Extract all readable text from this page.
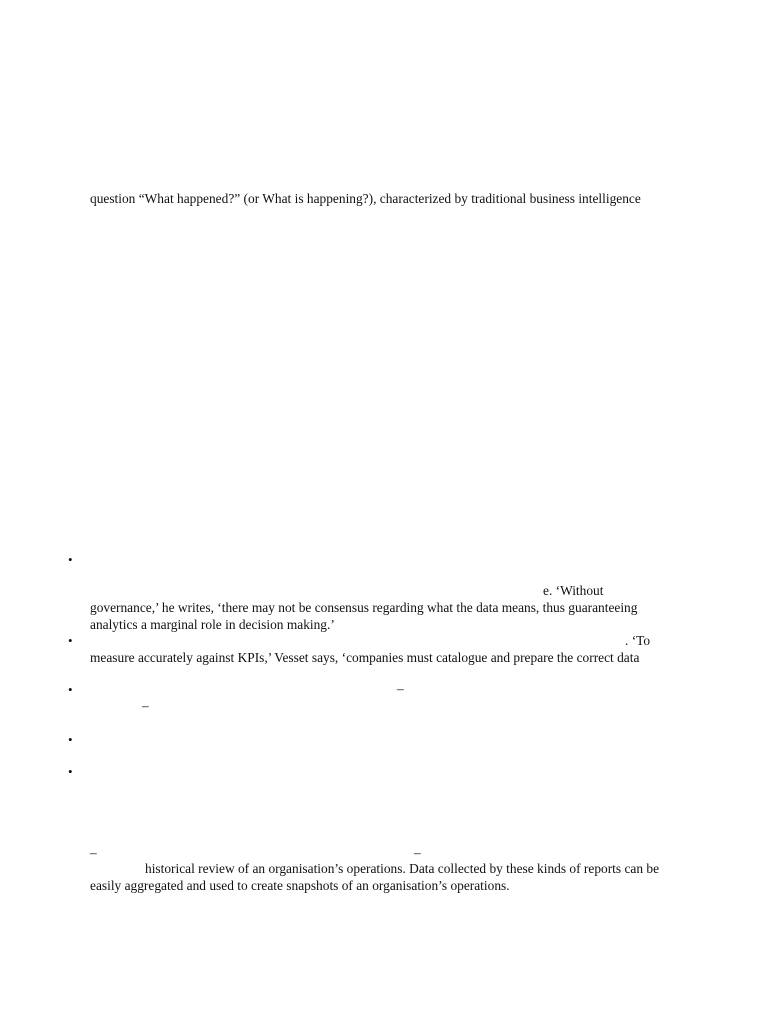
question “What happened?” (or What is happening?), characterized by traditional business intelligence
•
e. ‘Without
governance,’ he writes, ‘there may not be consensus regarding what the data means, thus guaranteeing
analytics a marginal role in decision making.’
•	. ‘To
measure accurately against KPIs,’ Vesset says, ‘companies must catalogue and prepare the correct data
•	–
–
•
•
–	–
historical review of an organisation’s operations. Data collected by these kinds of reports can be
easily aggregated and used to create snapshots of an organisation’s operations.
